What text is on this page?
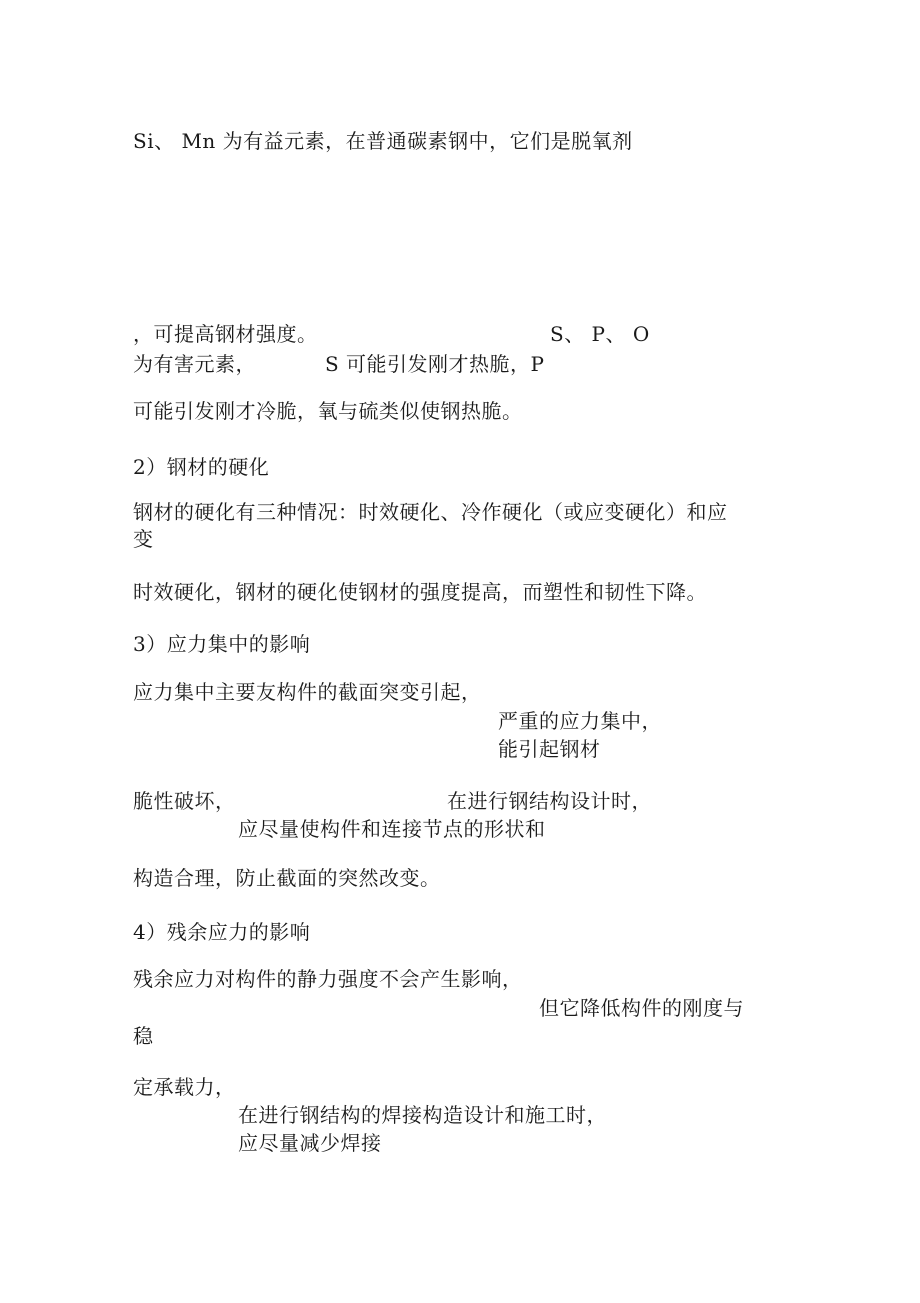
Si、 Mn 为有益元素，在普通碳素钢中，它们是脱氧剂
，可提高钢材强度。	S、 P、 O
为有害元素，	S 可能引发刚才热脆，P
可能引发刚才冷脆，氧与硫类似使钢热脆。
2）钢材的硬化
钢材的硬化有三种情况：时效硬化、冷作硬化（或应变硬化）和应
变
时效硬化，钢材的硬化使钢材的强度提高，而塑性和韧性下降。
3）应力集中的影响
应力集中主要友构件的截面突变引起，
严重的应力集中，
能引起钢材
脆性破坏，	在进行钢结构设计时，
应尽量使构件和连接节点的形状和
构造合理，防止截面的突然改变。
4）残余应力的影响
残余应力对构件的静力强度不会产生影响，
但它降低构件的刚度与
稳
定承载力，
在进行钢结构的焊接构造设计和施工时，
应尽量减少焊接
